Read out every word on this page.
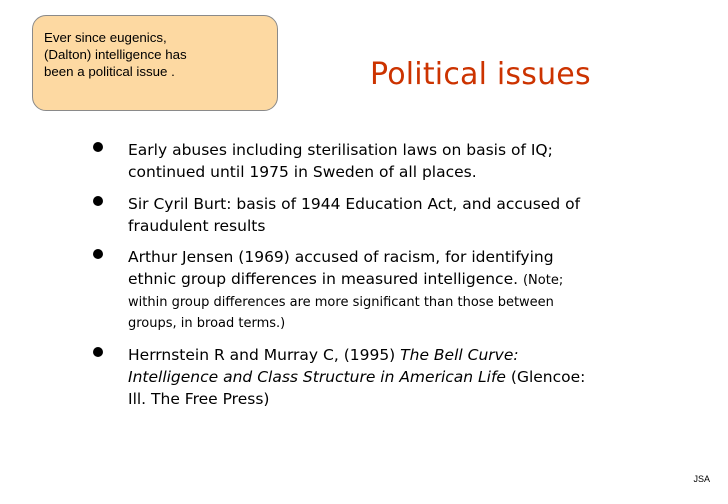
Ever since eugenics,
(Dalton) intelligence has
been a political issue .	Political issues
Early abuses including sterilisation laws on basis of IQ;
continued until 1975 in Sweden of all places.
Sir Cyril Burt: basis of 1944 Education Act, and accused of
fraudulent results
Arthur Jensen (1969) accused of racism, for identifying
ethnic group differences in measured intelligence. (Note;
within group differences are more significant than those between
groups, in broad terms.)
Herrnstein R and Murray C, (1995) The Bell Curve:
Intelligence and Class Structure in American Life (Glencoe:
Ill. The Free Press)
JSA
